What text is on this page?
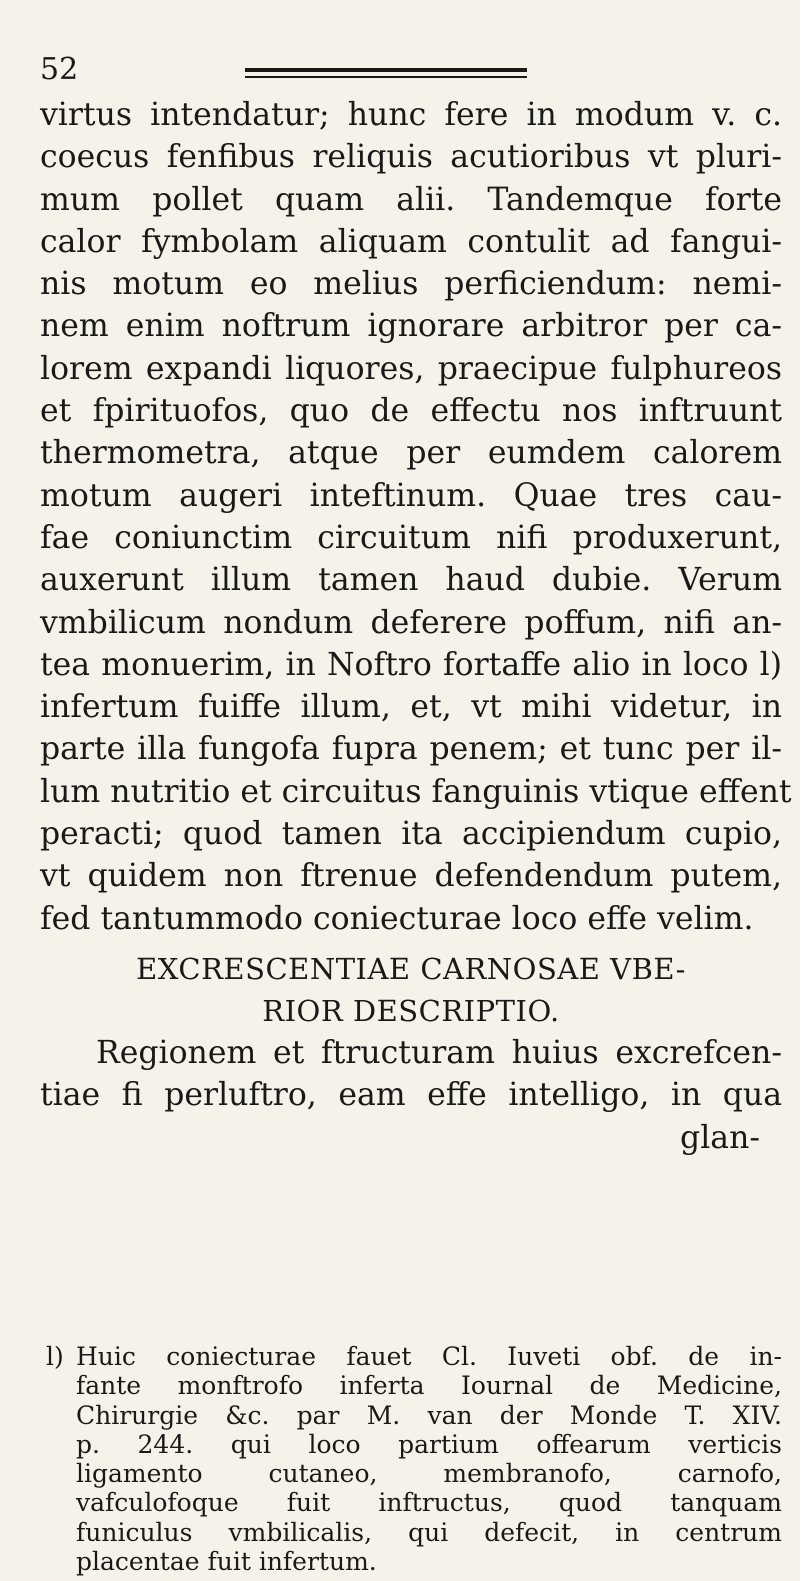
52
virtus intendatur; hunc fere in modum v. c.
coecus fenfibus reliquis acutioribus vt pluri-
mum pollet quam alii. Tandemque forte
calor fymbolam aliquam contulit ad fangui-
nis motum eo melius perficiendum: nemi-
nem enim noftrum ignorare arbitror per ca-
lorem expandi liquores, praecipue fulphureos
et fpirituofos, quo de effectu nos inftruunt
thermometra, atque per eumdem calorem
motum augeri inteftinum. Quae tres cau-
fae coniunctim circuitum nifi produxerunt,
auxerunt illum tamen haud dubie. Verum
vmbilicum nondum deferere poffum, nifi an-
tea monuerim, in Noftro fortaffe alio in loco l)
infertum fuiffe illum, et, vt mihi videtur, in
parte illa fungofa fupra penem; et tunc per il-
lum nutritio et circuitus fanguinis vtique effent
peracti; quod tamen ita accipiendum cupio,
vt quidem non ftrenue defendendum putem,
fed tantummodo coniecturae loco effe velim.
EXCRESCENTIAE CARNOSAE VBE-
RIOR DESCRIPTIO.
Regionem et ftructuram huius excrefcen-
tiae fi perluftro, eam effe intelligo, in qua
glan-
l) Huic coniecturae fauet Cl. Iuveti obf. de in-
fante monftrofo inferta Iournal de Medicine,
Chirurgie &c. par M. van der Monde T. XIV.
p. 244. qui loco partium offearum verticis
ligamento cutaneo, membranofo, carnofo,
vafculofoque fuit inftructus, quod tanquam
funiculus vmbilicalis, qui defecit, in centrum
placentae fuit infertum.
